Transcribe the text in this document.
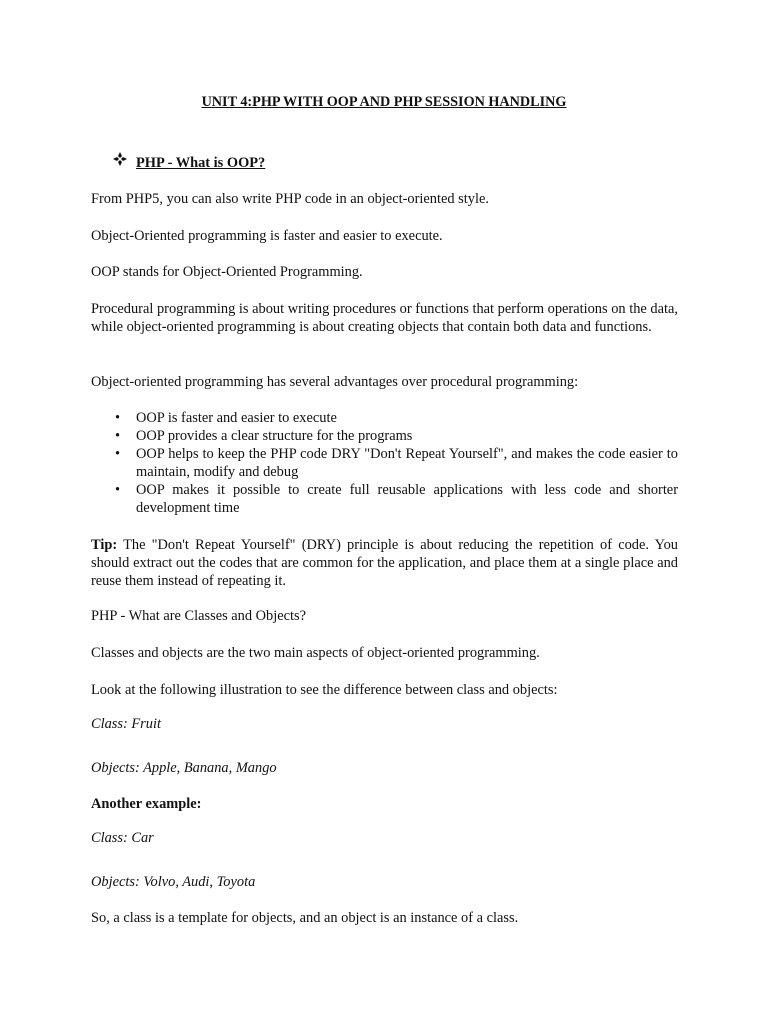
UNIT 4:PHP WITH OOP AND PHP SESSION HANDLING
PHP - What is OOP?
From PHP5, you can also write PHP code in an object-oriented style.
Object-Oriented programming is faster and easier to execute.
OOP stands for Object-Oriented Programming.
Procedural programming is about writing procedures or functions that perform operations on the data, while object-oriented programming is about creating objects that contain both data and functions.
Object-oriented programming has several advantages over procedural programming:
• OOP is faster and easier to execute
• OOP provides a clear structure for the programs
• OOP helps to keep the PHP code DRY "Don't Repeat Yourself", and makes the code easier to maintain, modify and debug
• OOP makes it possible to create full reusable applications with less code and shorter development time
Tip: The "Don't Repeat Yourself" (DRY) principle is about reducing the repetition of code. You should extract out the codes that are common for the application, and place them at a single place and reuse them instead of repeating it.
PHP - What are Classes and Objects?
Classes and objects are the two main aspects of object-oriented programming.
Look at the following illustration to see the difference between class and objects:
Class: Fruit
Objects: Apple, Banana, Mango
Another example:
Class: Car
Objects: Volvo, Audi, Toyota
So, a class is a template for objects, and an object is an instance of a class.
